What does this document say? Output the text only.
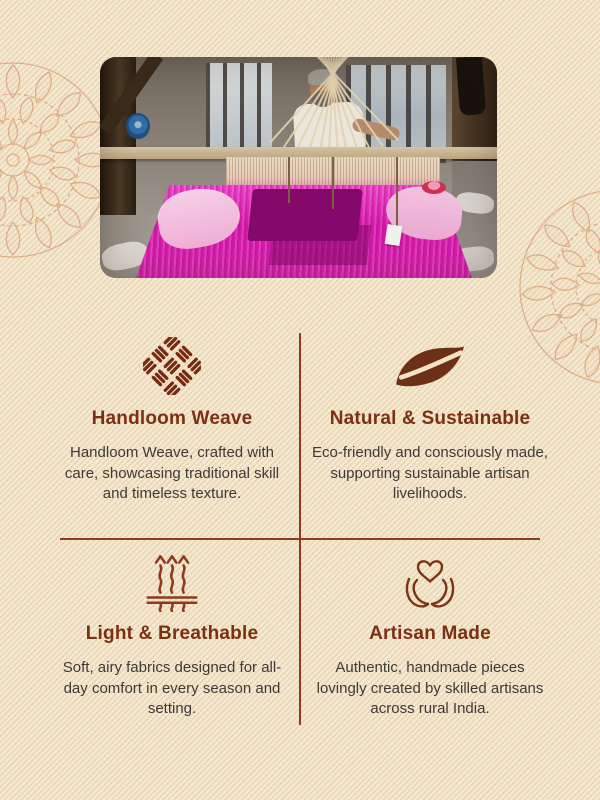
Handloom Weave

Handloom Weave, crafted with care, showcasing traditional skill and timeless texture.

Natural & Sustainable

Eco-friendly and consciously made, supporting sustainable artisan livelihoods.

Light & Breathable

Soft, airy fabrics designed for all-day comfort in every season and setting.

Artisan Made

Authentic, handmade pieces lovingly created by skilled artisans across rural India.
